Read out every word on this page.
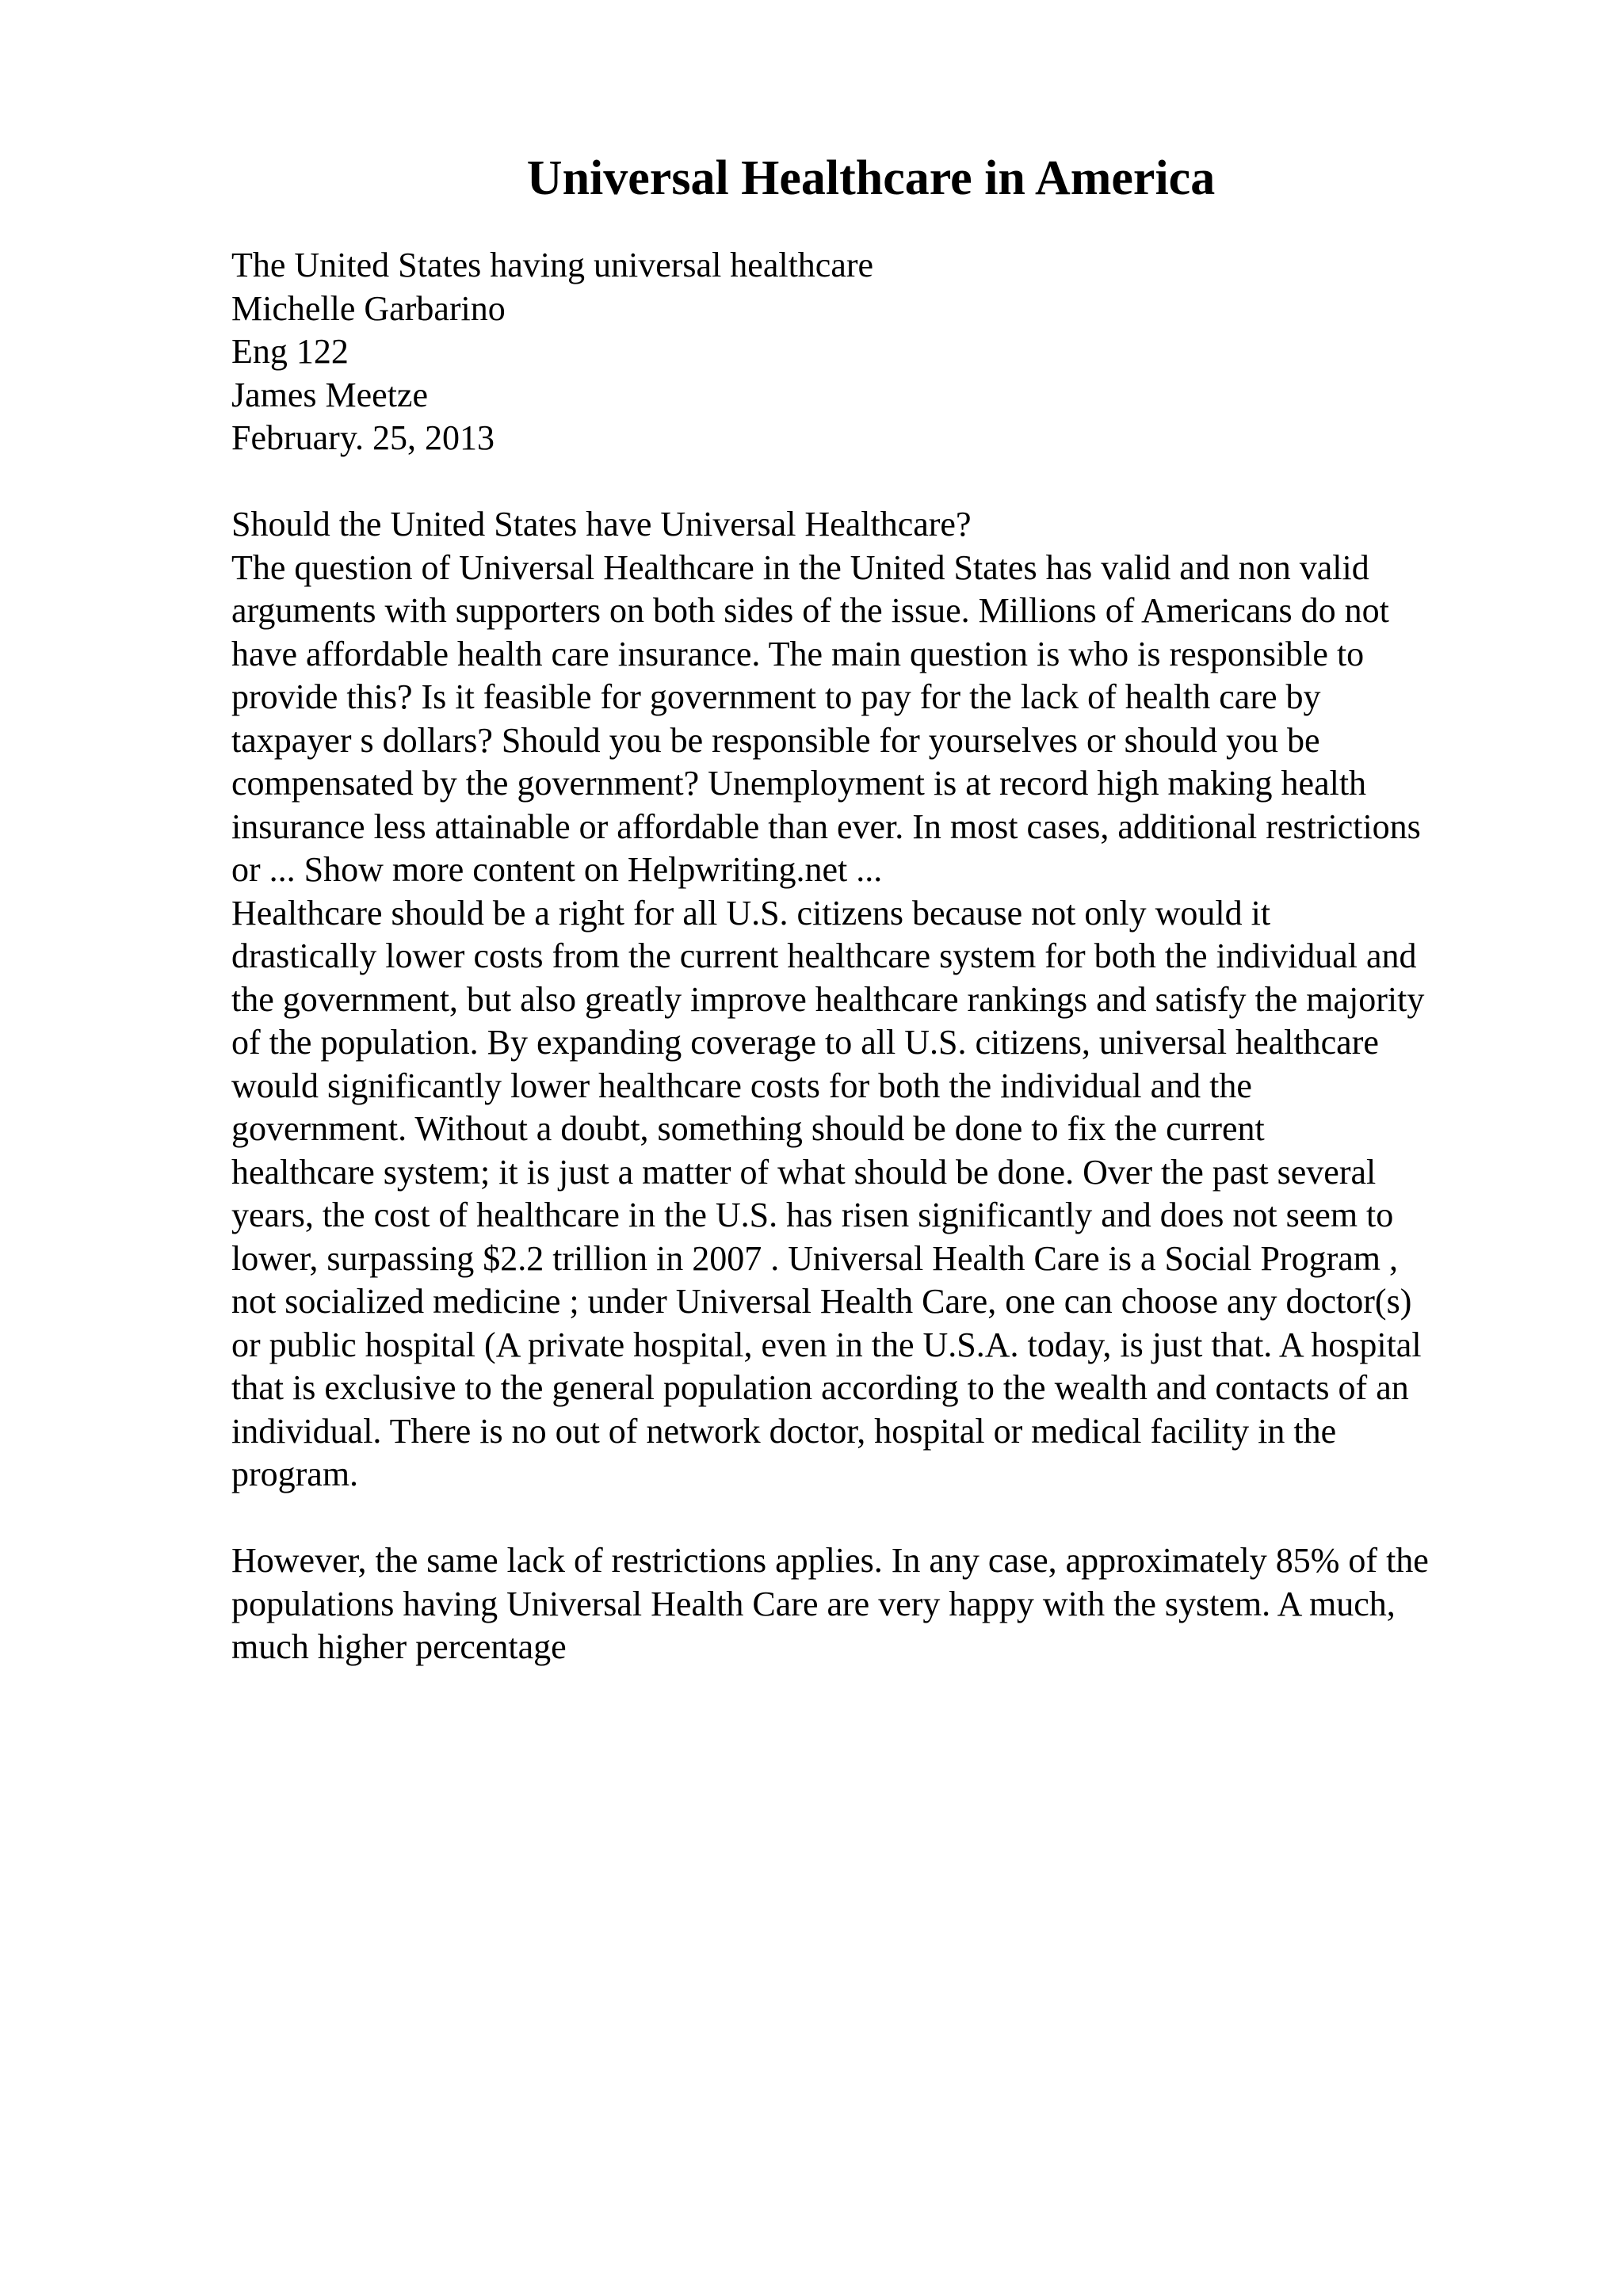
Universal Healthcare in America
The United States having universal healthcare
Michelle Garbarino
Eng 122
James Meetze
February. 25, 2013
Should the United States have Universal Healthcare?
The question of Universal Healthcare in the United States has valid and non valid
arguments with supporters on both sides of the issue. Millions of Americans do not
have affordable health care insurance. The main question is who is responsible to
provide this? Is it feasible for government to pay for the lack of health care by
taxpayer s dollars? Should you be responsible for yourselves or should you be
compensated by the government? Unemployment is at record high making health
insurance less attainable or affordable than ever. In most cases, additional restrictions
or ... Show more content on Helpwriting.net ...
Healthcare should be a right for all U.S. citizens because not only would it
drastically lower costs from the current healthcare system for both the individual and
the government, but also greatly improve healthcare rankings and satisfy the majority
of the population. By expanding coverage to all U.S. citizens, universal healthcare
would significantly lower healthcare costs for both the individual and the
government. Without a doubt, something should be done to fix the current
healthcare system; it is just a matter of what should be done. Over the past several
years, the cost of healthcare in the U.S. has risen significantly and does not seem to
lower, surpassing $2.2 trillion in 2007 . Universal Health Care is a Social Program ,
not socialized medicine ; under Universal Health Care, one can choose any doctor(s)
or public hospital (A private hospital, even in the U.S.A. today, is just that. A hospital
that is exclusive to the general population according to the wealth and contacts of an
individual. There is no out of network doctor, hospital or medical facility in the
program.
However, the same lack of restrictions applies. In any case, approximately 85% of the
populations having Universal Health Care are very happy with the system. A much,
much higher percentage
